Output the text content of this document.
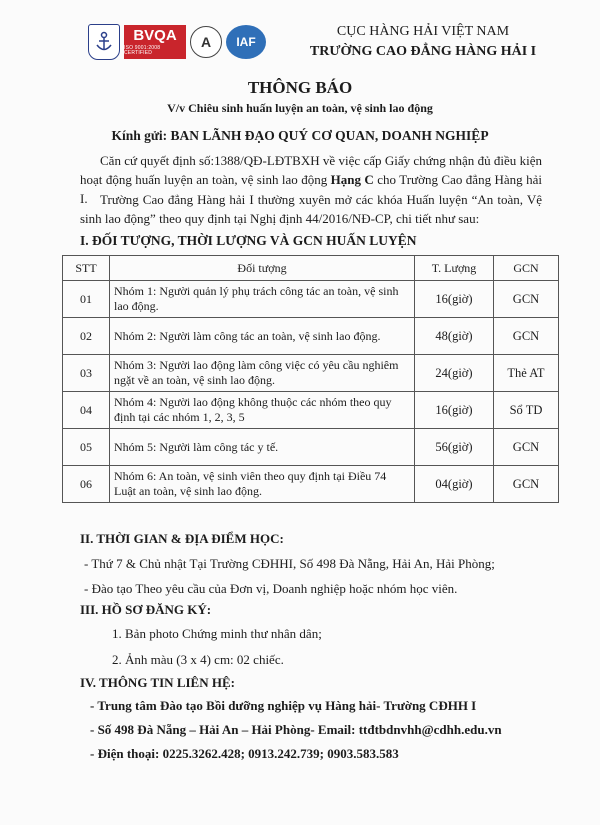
BVQA
ISO 9001:2008 CERTIFIED
A	IAF
CỤC HÀNG HẢI VIỆT NAM
TRƯỜNG CAO ĐẲNG HÀNG HẢI I
THÔNG BÁO
V/v Chiêu sinh huấn luyện an toàn, vệ sinh lao động
Kính gửi: BAN LÃNH ĐẠO QUÝ CƠ QUAN, DOANH NGHIỆP

Căn cứ quyết định số:1388/QĐ-LĐTBXH về việc cấp Giấy chứng nhận đủ điều kiện hoạt động huấn luyện an toàn, vệ sinh lao động Hạng C cho Trường Cao đẳng Hàng hải I. Trường Cao đẳng Hàng hải I thường xuyên mở các khóa Huấn luyện “An toàn, Vệ sinh lao động” theo quy định tại Nghị định 44/2016/NĐ-CP, chi tiết như sau:

I. ĐỐI TƯỢNG, THỜI LƯỢNG VÀ GCN HUẤN LUYỆN
STT	Đối tượng	T. Lượng	GCN
01	Nhóm 1: Người quản lý phụ trách công tác an toàn, vệ sinh lao động.	16(giờ)	GCN
02	Nhóm 2: Người làm công tác an toàn, vệ sinh lao động.	48(giờ)	GCN
03	Nhóm 3: Người lao động làm công việc có yêu cầu nghiêm ngặt về an toàn, vệ sinh lao động.	24(giờ)	Thẻ AT
04	Nhóm 4: Người lao động không thuộc các nhóm theo quy định tại các nhóm 1, 2, 3, 5	16(giờ)	Sổ TD
05	Nhóm 5: Người làm công tác y tế.	56(giờ)	GCN
06	Nhóm 6: An toàn, vệ sinh viên theo quy định tại Điều 74 Luật an toàn, vệ sinh lao động.	04(giờ)	GCN
II. THỜI GIAN & ĐỊA ĐIỂM HỌC:
- Thứ 7 & Chủ nhật Tại Trường CĐHHI, Số 498 Đà Nẵng, Hải An, Hải Phòng;
- Đào tạo Theo yêu cầu của Đơn vị, Doanh nghiệp hoặc nhóm học viên.
III. HỒ SƠ ĐĂNG KÝ:
1. Bản photo Chứng minh thư nhân dân;
2. Ảnh màu (3 x 4) cm: 02 chiếc.
IV. THÔNG TIN LIÊN HỆ:
- Trung tâm Đào tạo Bồi dưỡng nghiệp vụ Hàng hải- Trường CĐHH I
- Số 498 Đà Nẵng – Hải An – Hải Phòng- Email: ttđtbdnvhh@cdhh.edu.vn
- Điện thoại: 0225.3262.428; 0913.242.739; 0903.583.583
